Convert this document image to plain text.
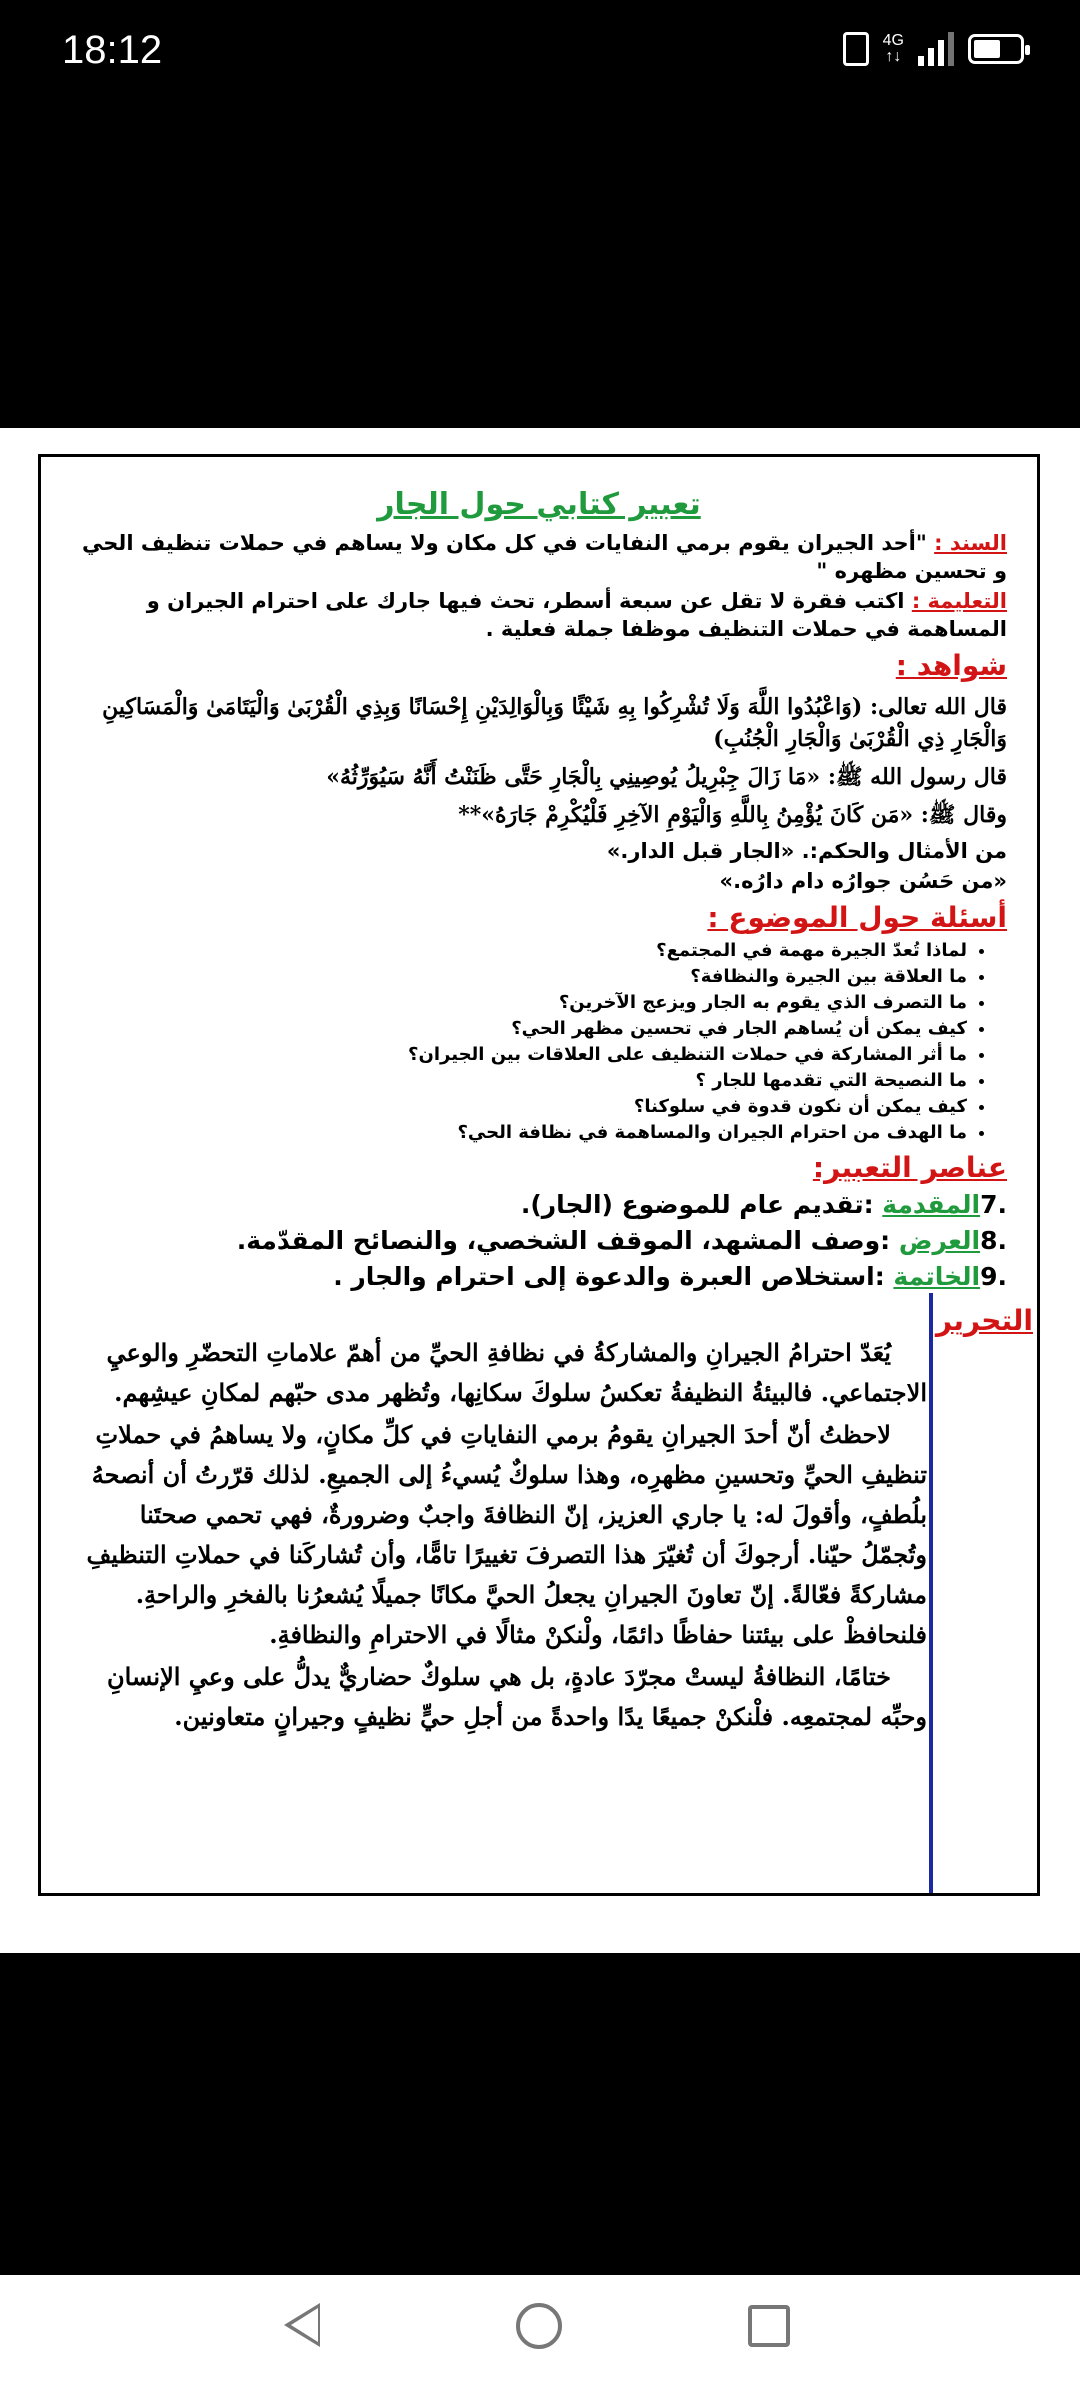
18:12	4G
↑↓
تعبير كتابي حول الجار
السند : "أحد الجيران يقوم برمي النفايات في كل مكان ولا يساهم في حملات تنظيف الحي و تحسين مظهره "
التعليمة : اكتب فقرة لا تقل عن سبعة أسطر، تحث فيها جارك على احترام الجيران و المساهمة في حملات التنظيف موظفا جملة فعلية .
شواهد :
قال الله تعالى: (وَاعْبُدُوا اللَّهَ وَلَا تُشْرِكُوا بِهِ شَيْئًا وَبِالْوَالِدَيْنِ إِحْسَانًا وَبِذِي الْقُرْبَىٰ وَالْيَتَامَىٰ وَالْمَسَاكِينِ وَالْجَارِ ذِي الْقُرْبَىٰ وَالْجَارِ الْجُنُبِ)
قال رسول الله ﷺ: «مَا زَالَ جِبْرِيلُ يُوصِينِي بِالْجَارِ حَتَّى ظَنَنْتُ أَنَّهُ سَيُوَرِّثُهُ»
وقال ﷺ: «مَن كَانَ يُؤْمِنُ بِاللَّهِ وَالْيَوْمِ الآخِرِ فَلْيُكْرِمْ جَارَهُ»**
من الأمثال والحكم:. «الجار قبل الدار.»
«من حَسُن جوارُه دام دارُه.»
أسئلة حول الموضوع :
• لماذا تُعدّ الجيرة مهمة في المجتمع؟
• ما العلاقة بين الجيرة والنظافة؟
• ما التصرف الذي يقوم به الجار ويزعج الآخرين؟
• كيف يمكن أن يُساهم الجار في تحسين مظهر الحي؟
• ما أثر المشاركة في حملات التنظيف على العلاقات بين الجيران؟
• ما النصيحة التي تقدمها للجار ؟
• كيف يمكن أن نكون قدوة في سلوكنا؟
• ما الهدف من احترام الجيران والمساهمة في نظافة الحي؟
عناصر التعبير:
7.المقدمة :تقديم عام للموضوع (الجار).
8.العرض :وصف المشهد، الموقف الشخصي، والنصائح المقدّمة.
9.الخاتمة :استخلاص العبرة والدعوة إلى احترام والجار .
التحرير

يُعَدّ احترامُ الجيرانِ والمشاركةُ في نظافةِ الحيِّ من أهمّ علاماتِ التحضّرِ والوعيِ الاجتماعي. فالبيئةُ النظيفةُ تعكسُ سلوكَ سكانِها، وتُظهر مدى حبّهم لمكانِ عيشِهم.

لاحظتُ أنّ أحدَ الجيرانِ يقومُ برمي النفاياتِ في كلِّ مكانٍ، ولا يساهمُ في حملاتِ تنظيفِ الحيِّ وتحسينِ مظهرِه، وهذا سلوكٌ يُسيءُ إلى الجميعِ. لذلك قرّرتُ أن أنصحهُ بلُطفٍ، وأقولَ له: يا جاري العزيز، إنّ النظافةَ واجبٌ وضرورةٌ، فهي تحمي صحتَنا وتُجمّلُ حيّنا. أرجوكَ أن تُغيّرَ هذا التصرفَ تغييرًا تامًّا، وأن تُشاركَنا في حملاتِ التنظيفِ مشاركةً فعّالةً. إنّ تعاونَ الجيرانِ يجعلُ الحيَّ مكانًا جميلًا يُشعرُنا بالفخرِ والراحةِ. فلنحافظْ على بيئتنا حفاظًا دائمًا، ولْنكنْ مثالًا في الاحترامِ والنظافةِ.

ختامًا، النظافةُ ليستْ مجرّدَ عادةٍ، بل هي سلوكٌ حضاريٌّ يدلُّ على وعيِ الإنسانِ وحبِّه لمجتمعِه. فلْنكنْ جميعًا يدًا واحدةً من أجلِ حيٍّ نظيفٍ وجيرانٍ متعاونين.
